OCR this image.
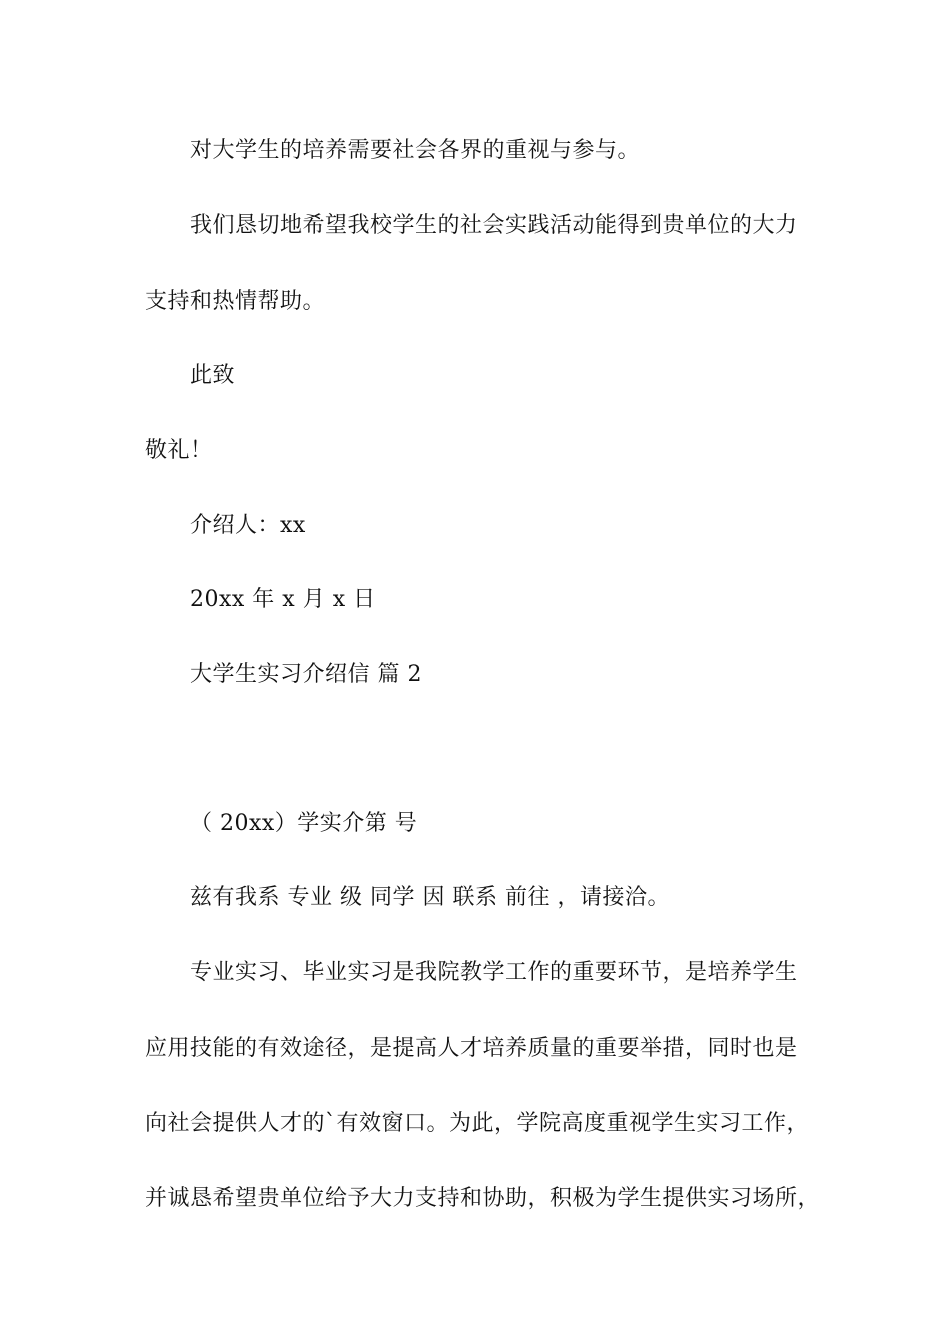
对大学生的培养需要社会各界的重视与参与。
我们恳切地希望我校学生的社会实践活动能得到贵单位的大力
支持和热情帮助。
此致
敬礼！
介绍人：xx
20xx 年 x 月 x 日
大学生实习介绍信 篇 2
（ 20xx）学实介第 号
兹有我系 专业 级 同学 因 联系 前往 ，请接洽。
专业实习、毕业实习是我院教学工作的重要环节，是培养学生
应用技能的有效途径，是提高人才培养质量的重要举措，同时也是
向社会提供人才的`有效窗口。为此，学院高度重视学生实习工作，
并诚恳希望贵单位给予大力支持和协助，积极为学生提供实习场所，
